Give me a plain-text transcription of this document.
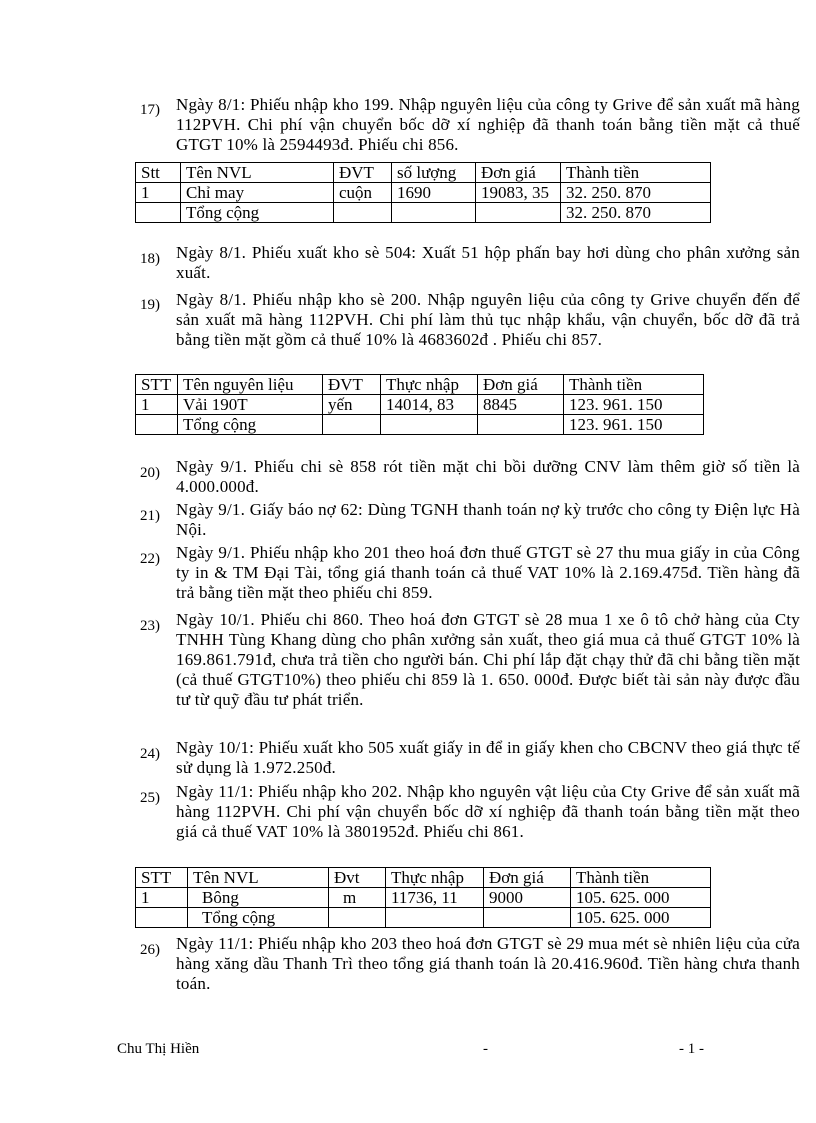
17) Ngày 8/1: Phiếu nhập kho 199. Nhập nguyên liệu của công ty Grive để sản xuất mã hàng 112PVH. Chi phí vận chuyển bốc dỡ xí nghiệp đã thanh toán bằng tiền mặt cả thuế GTGT 10% là 2594493đ. Phiếu chi 856.
Stt	Tên NVL	ĐVT	số lượng	Đơn giá	Thành tiền
1	Chỉ may	cuộn	1690	19083, 35	32. 250. 870
	Tổng cộng				32. 250. 870
18) Ngày 8/1. Phiếu xuất kho sè 504: Xuất 51 hộp phấn bay hơi dùng cho phân xưởng sản xuất.
19) Ngày 8/1. Phiếu nhập kho sè 200. Nhập nguyên liệu của công ty Grive chuyển đến để sản xuất mã hàng 112PVH. Chi phí làm thủ tục nhập khẩu, vận chuyển, bốc dỡ đã trả bằng tiền mặt gồm cả thuế 10% là 4683602đ . Phiếu chi 857.
STT	Tên nguyên liệu	ĐVT	Thực nhập	Đơn giá	Thành tiền
1	Vải 190T	yến	14014, 83	8845	123. 961. 150
	Tổng cộng				123. 961. 150
20) Ngày 9/1. Phiếu chi sè 858 rót tiền mặt chi bồi dưỡng CNV làm thêm giờ số tiền là 4.000.000đ.
21) Ngày 9/1. Giấy báo nợ 62: Dùng TGNH thanh toán nợ kỳ trước cho công ty Điện lực Hà Nội.
22) Ngày 9/1. Phiếu nhập kho 201 theo hoá đơn thuế GTGT sè 27 thu mua giấy in của Công ty in & TM Đại Tài, tổng giá thanh toán cả thuế VAT 10% là 2.169.475đ. Tiền hàng đã trả bằng tiền mặt theo phiếu chi 859.
23) Ngày 10/1. Phiếu chi 860. Theo hoá đơn GTGT sè 28 mua 1 xe ô tô chở hàng của Cty TNHH Tùng Khang dùng cho phân xưởng sản xuất, theo giá mua cả thuế GTGT 10% là 169.861.791đ, chưa trả tiền cho người bán. Chi phí lắp đặt chạy thử đã chi bằng tiền mặt (cả thuế GTGT10%) theo phiếu chi 859 là 1. 650. 000đ. Được biết tài sản này được đầu tư từ quỹ đầu tư phát triển.
24) Ngày 10/1: Phiếu xuất kho 505 xuất giấy in để in giấy khen cho CBCNV theo giá thực tế sử dụng là 1.972.250đ.
25) Ngày 11/1: Phiếu nhập kho 202. Nhập kho nguyên vật liệu của Cty Grive để sản xuất mã hàng 112PVH. Chi phí vận chuyển bốc dỡ xí nghiệp đã thanh toán bằng tiền mặt theo giá cả thuế VAT 10% là 3801952đ. Phiếu chi 861.
STT	Tên NVL	Đvt	Thực nhập	Đơn giá	Thành tiền
1	Bông	m	11736, 11	9000	105. 625. 000
	Tổng cộng				105. 625. 000
26) Ngày 11/1: Phiếu nhập kho 203 theo hoá đơn GTGT sè 29 mua mét sè nhiên liệu của cửa hàng xăng dầu Thanh Trì theo tổng giá thanh toán là 20.416.960đ. Tiền hàng chưa thanh toán.
Chu Thị Hiền	-	- 1 -
